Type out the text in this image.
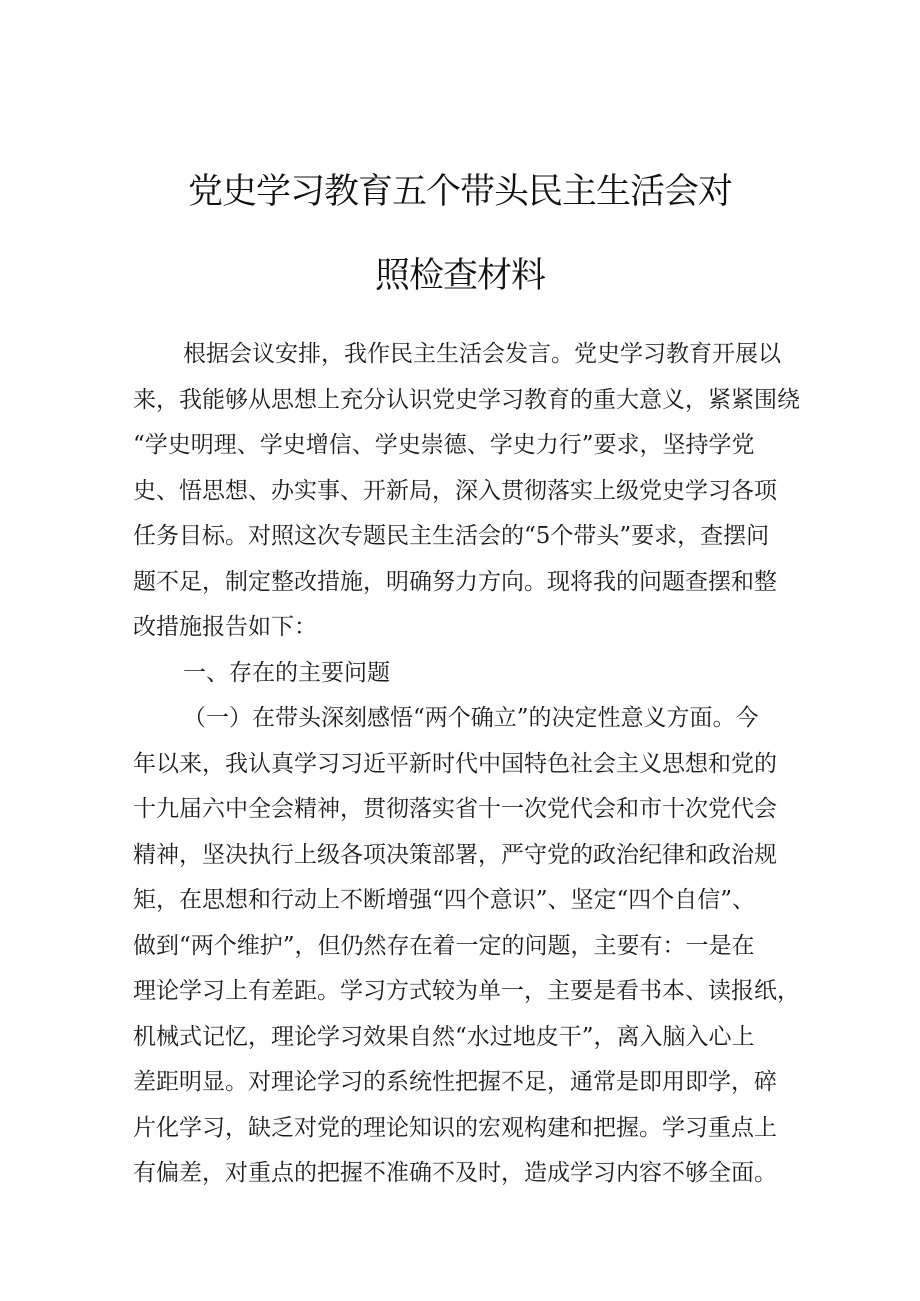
党史学习教育五个带头民主生活会对
照检查材料
根据会议安排，我作民主生活会发言。党史学习教育开展以
来，我能够从思想上充分认识党史学习教育的重大意义，紧紧围绕
“学史明理、学史增信、学史崇德、学史力行”要求，坚持学党
史、悟思想、办实事、开新局，深入贯彻落实上级党史学习各项
任务目标。对照这次专题民主生活会的“5个带头”要求，查摆问
题不足，制定整改措施，明确努力方向。现将我的问题查摆和整
改措施报告如下：
一、存在的主要问题
（一）在带头深刻感悟“两个确立”的决定性意义方面。今
年以来，我认真学习习近平新时代中国特色社会主义思想和党的
十九届六中全会精神，贯彻落实省十一次党代会和市十次党代会
精神，坚决执行上级各项决策部署，严守党的政治纪律和政治规
矩，在思想和行动上不断增强“四个意识”、坚定“四个自信”、
做到“两个维护”，但仍然存在着一定的问题，主要有：一是在
理论学习上有差距。学习方式较为单一，主要是看书本、读报纸，
机械式记忆，理论学习效果自然“水过地皮干”，离入脑入心上
差距明显。对理论学习的系统性把握不足，通常是即用即学，碎
片化学习，缺乏对党的理论知识的宏观构建和把握。学习重点上
有偏差，对重点的把握不准确不及时，造成学习内容不够全面。
